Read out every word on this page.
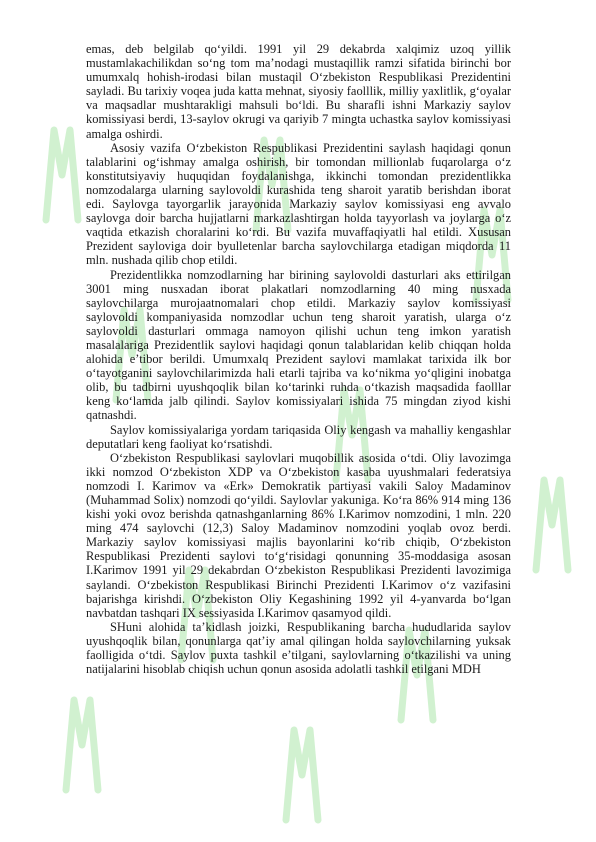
emas, deb belgilab qo‘yildi. 1991 yil 29 dekabrda xalqimiz uzoq yillik mustamlakachilikdan so‘ng tom ma’nodagi mustaqillik ramzi sifatida birinchi bor umumxalq hohish-irodasi bilan mustaqil O‘zbekiston Respublikasi Prezidentini sayladi. Bu tarixiy voqea juda katta mehnat, siyosiy faolllik, milliy yaxlitlik, g‘oyalar va maqsadlar mushtarakligi mahsuli bo‘ldi. Bu sharafli ishni Markaziy saylov komissiyasi berdi, 13-saylov okrugi va qariyib 7 mingta uchastka saylov komissiyasi amalga oshirdi.

Asosiy vazifa O‘zbekiston Respublikasi Prezidentini saylash haqidagi qonun talablarini og‘ishmay amalga oshirish, bir tomondan millionlab fuqarolarga o‘z konstitutsiyaviy huquqidan foydalanishga, ikkinchi tomondan prezidentlikka nomzodalarga ularning saylovoldi kurashida teng sharoit yaratib berishdan iborat edi. Saylovga tayorgarlik jarayonida Markaziy saylov komissiyasi eng avvalo saylovga doir barcha hujjatlarni markazlashtirgan holda tayyorlash va joylarga o‘z vaqtida etkazish choralarini ko‘rdi. Bu vazifa muvaffaqiyatli hal etildi. Xususan Prezident sayloviga doir byulletenlar barcha saylovchilarga etadigan miqdorda 11 mln. nushada qilib chop etildi.

Prezidentlikka nomzodlarning har birining saylovoldi dasturlari aks ettirilgan 3001 ming nusxadan iborat plakatlari nomzodlarning 40 ming nusxada saylovchilarga murojaatnomalari chop etildi. Markaziy saylov komissiyasi saylovoldi kompaniyasida nomzodlar uchun teng sharoit yaratish, ularga o‘z saylovoldi dasturlari ommaga namoyon qilishi uchun teng imkon yaratish masalalariga Prezidentlik saylovi haqidagi qonun talablaridan kelib chiqqan holda alohida e’tibor berildi. Umumxalq Prezident saylovi mamlakat tarixida ilk bor o‘tayotganini saylovchilarimizda hali etarli tajriba va ko‘nikma yo‘qligini inobatga olib, bu tadbirni uyushqoqlik bilan ko‘tarinki ruhda o‘tkazish maqsadida faolllar keng ko‘lamda jalb qilindi. Saylov komissiyalari ishida 75 mingdan ziyod kishi qatnashdi.

Saylov komissiyalariga yordam tariqasida Oliy kengash va mahalliy kengashlar deputatlari keng faoliyat ko‘rsatishdi.

O‘zbekiston Respublikasi saylovlari muqobillik asosida o‘tdi. Oliy lavozimga ikki nomzod O‘zbekiston XDP va O‘zbekiston kasaba uyushmalari federatsiya nomzodi I. Karimov va «Erk» Demokratik partiyasi vakili Saloy Madaminov (Muhammad Solix) nomzodi qo‘yildi. Saylovlar yakuniga. Ko‘ra 86% 914 ming 136 kishi yoki ovoz berishda qatnashganlarning 86% I.Karimov nomzodini, 1 mln. 220 ming 474 saylovchi (12,3) Saloy Madaminov nomzodini yoqlab ovoz berdi. Markaziy saylov komissiyasi majlis bayonlarini ko‘rib chiqib, O‘zbekiston Respublikasi Prezidenti saylovi to‘g‘risidagi qonunning 35-moddasiga asosan I.Karimov 1991 yil 29 dekabrdan O‘zbekiston Respublikasi Prezidenti lavozimiga saylandi. O‘zbekiston Respublikasi Birinchi Prezidenti I.Karimov o‘z vazifasini bajarishga kirishdi. O‘zbekiston Oliy Kegashining 1992 yil 4-yanvarda bo‘lgan navbatdan tashqari IX sessiyasida I.Karimov qasamyod qildi.

SHuni alohida ta’kidlash joizki, Respublikaning barcha hududlarida saylov uyushqoqlik bilan, qonunlarga qat’iy amal qilingan holda saylovchilarning yuksak faolligida o‘tdi. Saylov puxta tashkil e’tilgani, saylovlarning o‘tkazilishi va uning natijalarini hisoblab chiqish uchun qonun asosida adolatli tashkil etilgani MDH
